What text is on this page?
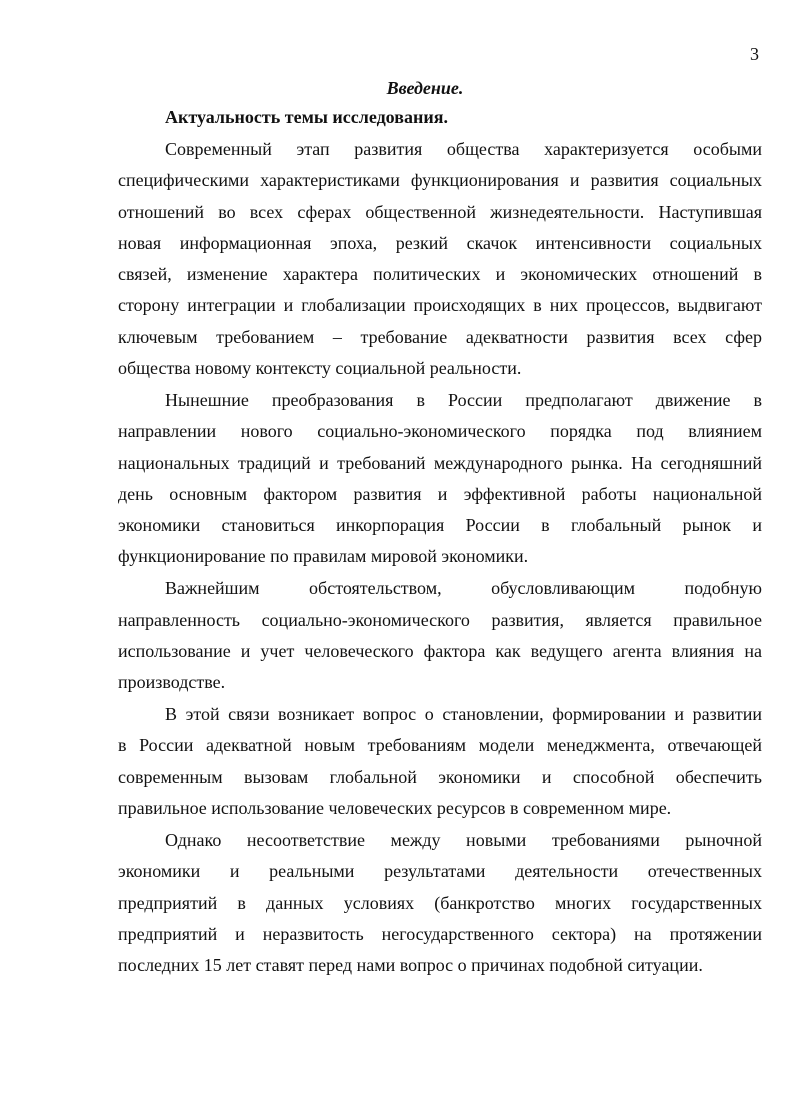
3
Введение.
Актуальность темы исследования.
Современный этап развития общества характеризуется особыми
специфическими характеристиками функционирования и развития социальных
отношений во всех сферах общественной жизнедеятельности. Наступившая
новая информационная эпоха, резкий скачок интенсивности социальных
связей, изменение характера политических и экономических отношений в
сторону интеграции и глобализации происходящих в них процессов, выдвигают
ключевым требованием – требование адекватности развития всех сфер
общества новому контексту социальной реальности.
Нынешние преобразования в России предполагают движение в
направлении нового социально-экономического порядка под влиянием
национальных традиций и требований международного рынка. На сегодняшний
день основным фактором развития и эффективной работы национальной
экономики становиться инкорпорация России в глобальный рынок и
функционирование по правилам мировой экономики.
Важнейшим обстоятельством, обусловливающим подобную
направленность социально-экономического развития, является правильное
использование и учет человеческого фактора как ведущего агента влияния на
производстве.
В этой связи возникает вопрос о становлении, формировании и развитии
в России адекватной новым требованиям модели менеджмента, отвечающей
современным вызовам глобальной экономики и способной обеспечить
правильное использование человеческих ресурсов в современном мире.
Однако несоответствие между новыми требованиями рыночной
экономики и реальными результатами деятельности отечественных
предприятий в данных условиях (банкротство многих государственных
предприятий и неразвитость негосударственного сектора) на протяжении
последних 15 лет ставят перед нами вопрос о причинах подобной ситуации.
